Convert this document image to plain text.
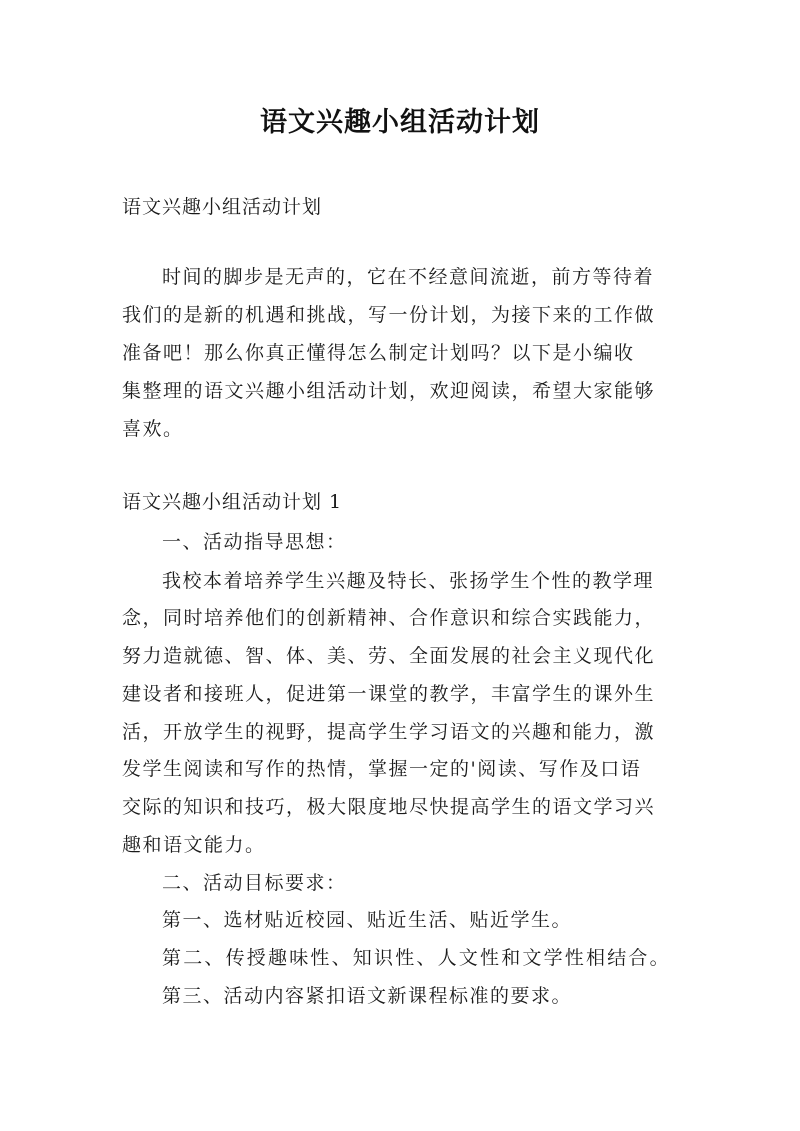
语文兴趣小组活动计划
语文兴趣小组活动计划
时间的脚步是无声的，它在不经意间流逝，前方等待着
我们的是新的机遇和挑战，写一份计划，为接下来的工作做
准备吧！那么你真正懂得怎么制定计划吗？以下是小编收
集整理的语文兴趣小组活动计划，欢迎阅读，希望大家能够
喜欢。
语文兴趣小组活动计划 1
一、活动指导思想：
我校本着培养学生兴趣及特长、张扬学生个性的教学理
念，同时培养他们的创新精神、合作意识和综合实践能力，
努力造就德、智、体、美、劳、全面发展的社会主义现代化
建设者和接班人，促进第一课堂的教学，丰富学生的课外生
活，开放学生的视野，提高学生学习语文的兴趣和能力，激
发学生阅读和写作的热情，掌握一定的'阅读、写作及口语
交际的知识和技巧，极大限度地尽快提高学生的语文学习兴
趣和语文能力。
二、活动目标要求：
第一、选材贴近校园、贴近生活、贴近学生。
第二、传授趣味性、知识性、人文性和文学性相结合。
第三、活动内容紧扣语文新课程标准的要求。
